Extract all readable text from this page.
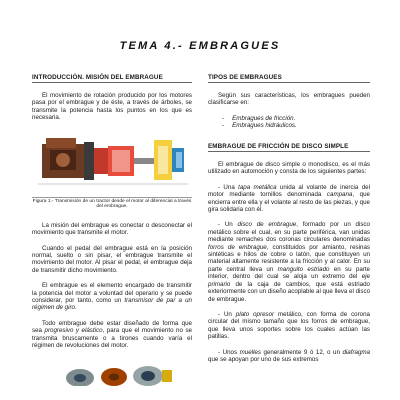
TEMA 4.- EMBRAGUES
INTRODUCCIÓN. MISIÓN DEL EMBRAGUE

El movimiento de rotación producido por los motores pasa por el embrague y de éste, a través de árboles, se transmite la potencia hasta los puntos en los que es necesaria.

Figura 1.- Transmisión de un tractor desde el motor al diferencial a través del embrague.

La misión del embrague es conectar o desconectar el movimiento que transmite el motor.

Cuando el pedal del embrague está en la posición normal, suelto o sin pisar, el embrague transmite el movimiento del motor. Al pisar el pedal, el embrague deja de transmitir dicho movimiento.

El embrague es el elemento encargado de transmitir la potencia del motor a voluntad del operario y se puede considerar, por tanto, como un transmisor de par a un régimen de giro.

Todo embrague debe estar diseñado de forma que sea progresivo y elástico, para que el movimiento no se transmita bruscamente o a tirones cuando varía el régimen de revoluciones del motor.

TIPOS DE EMBRAGUES

Según sus características, los embragues pueden clasificarse en:

- Embragues de fricción.
- Embragues hidráulicos.
EMBRAGUE DE FRICCIÓN DE DISCO SIMPLE

El embrague de disco simple o monodisco, es el más utilizado en automoción y consta de los siguientes partes:

- Una tapa metálica unida al volante de inercia del motor mediante tornillos denominada campana, que encierra entre ella y el volante al resto de las piezas, y que gira solidaria con él.

- Un disco de embrague, formado por un disco metálico sobre el cual, en su parte periférica, van unidas mediante remaches dos coronas circulares denominadas forros de embrague, constituidos por amianto, resinas sintéticas e hilos de cobre o latón, que constituyen un material altamente resistente a la fricción y al calor. En su parte central lleva un manguito estriado en su parte interior, dentro del cual se aloja un extremo del eje primario de la caja de cambios, que está estriado exteriormente con un diseño acoplable al que lleva el disco de embrague.

- Un plato opresor metálico, con forma de corona circular del mismo tamaño que los forros de embrague, que lleva unos soportes sobre los cuales actúan las patillas.

- Unos muelles generalmente 9 ó 12, o un diafragma que se apoyan por uno de sus extremos
